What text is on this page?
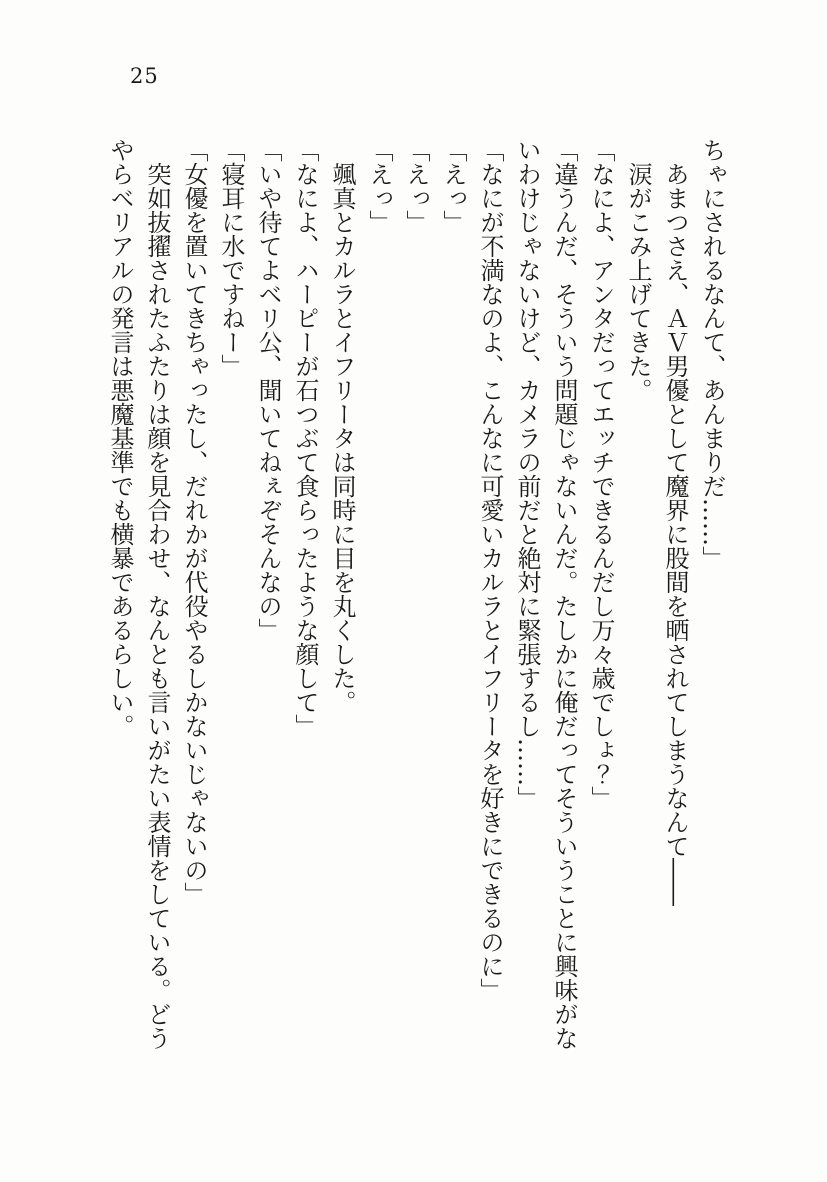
25

ちゃにされるなんて、あんまりだ……」

　あまつさえ、ＡＶ男優として魔界に股間を晒されてしまうなんて――

　涙がこみ上げてきた。

「なによ、アンタだってエッチできるんだし万々歳でしょ？」

「違うんだ、そういう問題じゃないんだ。たしかに俺だってそういうことに興味がな

いわけじゃないけど、カメラの前だと絶対に緊張するし……」

「なにが不満なのよ、こんなに可愛いカルラとイフリータを好きにできるのに」

「えっ」

「えっ」

「えっ」

　颯真とカルラとイフリータは同時に目を丸くした。

「なによ、ハーピーが石つぶて食らったような顔して」

「いや待てよベリ公、聞いてねぇぞそんなの」

「寝耳に水ですねー」

「女優を置いてきちゃったし、だれかが代役やるしかないじゃないの」

　突如抜擢されたふたりは顔を見合わせ、なんとも言いがたい表情をしている。どう

やらベリアルの発言は悪魔基準でも横暴であるらしい。
